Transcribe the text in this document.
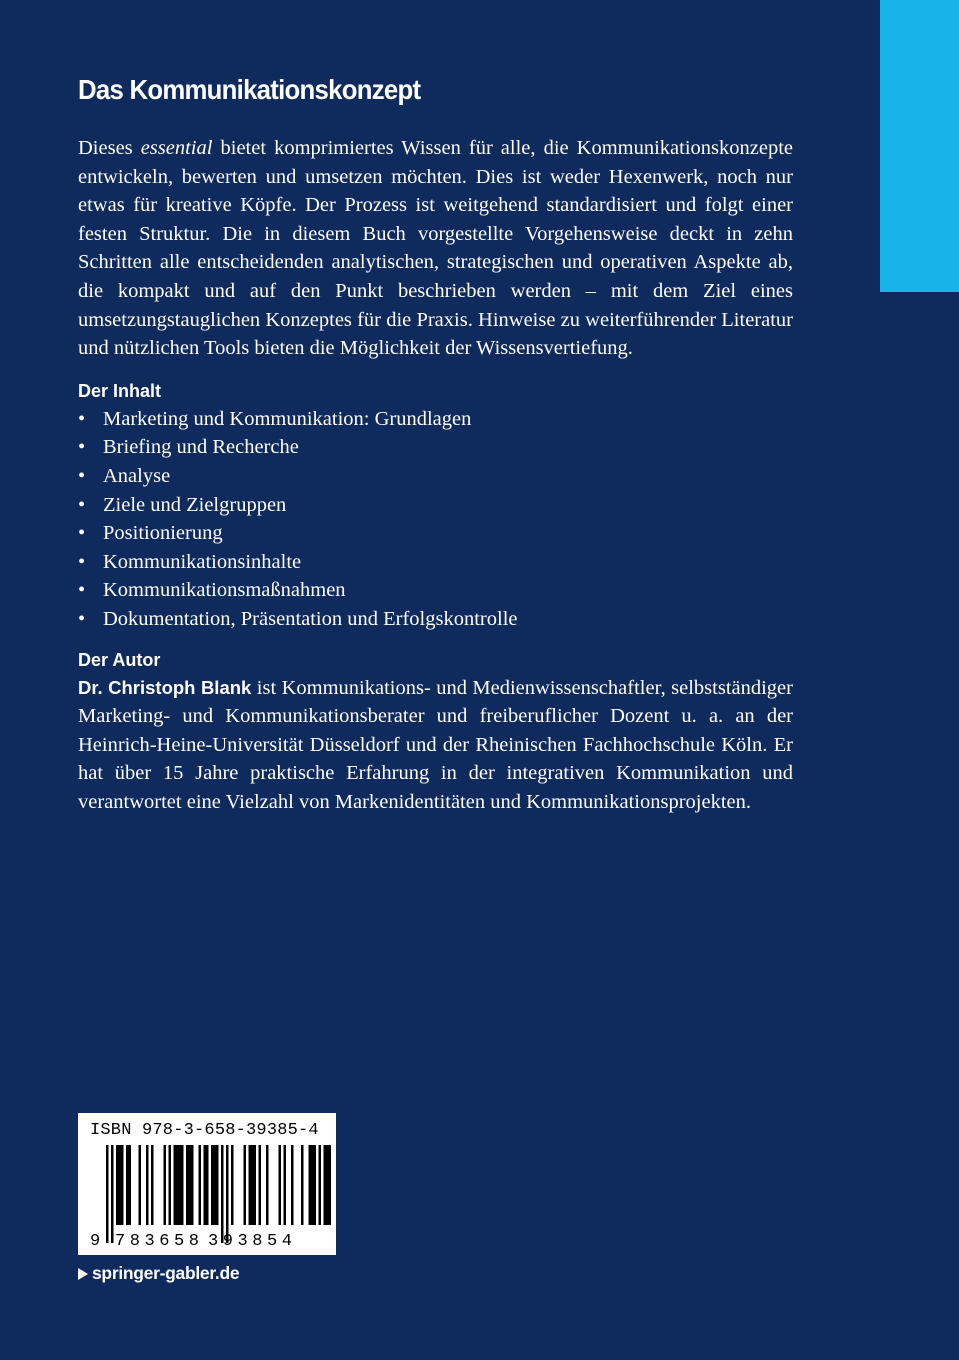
Das Kommunikationskonzept

Dieses essential bietet komprimiertes Wissen für alle, die Kommunikationskonzepte entwickeln, bewerten und umsetzen möchten. Dies ist weder Hexenwerk, noch nur etwas für kreative Köpfe. Der Prozess ist weitgehend standardisiert und folgt einer festen Struktur. Die in diesem Buch vorgestellte Vorgehensweise deckt in zehn Schritten alle entscheidenden analytischen, strategischen und operativen Aspekte ab, die kompakt und auf den Punkt beschrieben werden – mit dem Ziel eines umsetzungstauglichen Konzeptes für die Praxis. Hinweise zu weiterführender Literatur und nützlichen Tools bieten die Möglichkeit der Wissensvertiefung.

Der Inhalt
• Marketing und Kommunikation: Grundlagen
• Briefing und Recherche
• Analyse
• Ziele und Zielgruppen
• Positionierung
• Kommunikationsinhalte
• Kommunikationsmaßnahmen
• Dokumentation, Präsentation und Erfolgskontrolle
Der Autor

Dr. Christoph Blank ist Kommunikations- und Medienwissenschaftler, selbstständiger Marketing- und Kommunikationsberater und freiberuflicher Dozent u. a. an der Heinrich-Heine-Universität Düsseldorf und der Rheinischen Fachhochschule Köln. Er hat über 15 Jahre praktische Erfahrung in der integrativen Kommunikation und verantwortet eine Vielzahl von Markenidentitäten und Kommunikationsprojekten.

ISBN 978-3-658-39385-4
9 783658 393854
springer-gabler.de
